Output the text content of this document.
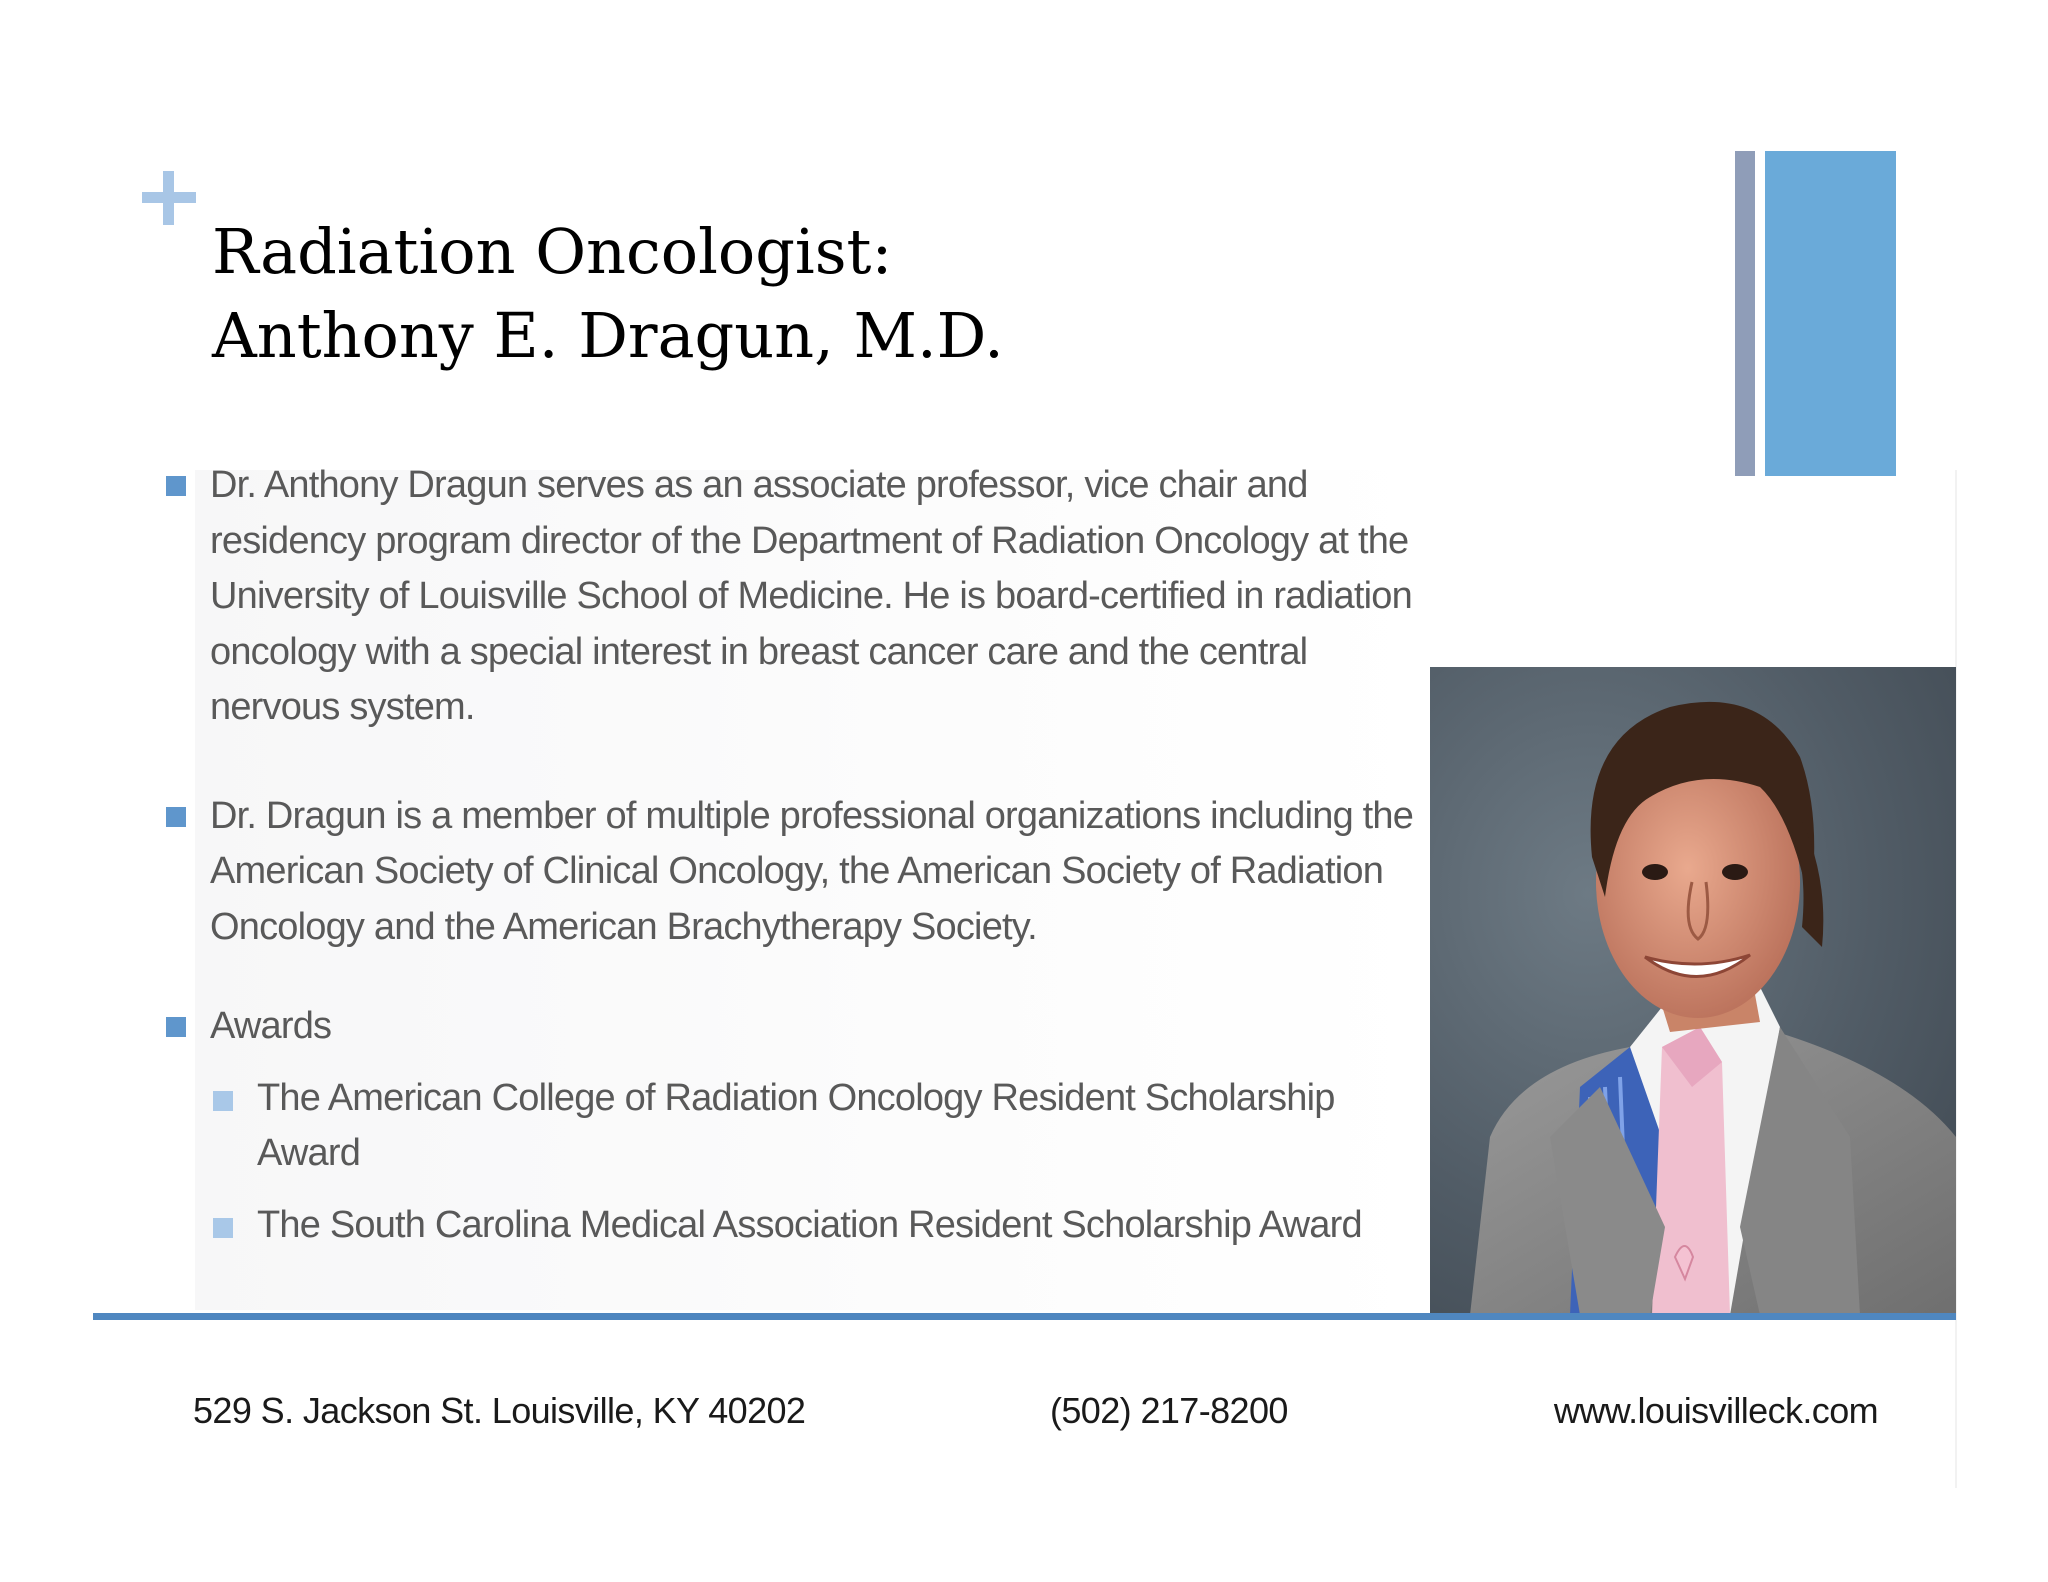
Radiation Oncologist:
Anthony E. Dragun, M.D.
Dr. Anthony Dragun serves as an associate professor, vice chair and residency program director of the Department of Radiation Oncology at the University of Louisville School of Medicine. He is board-certified in radiation oncology with a special interest in breast cancer care and the central nervous system.
Dr. Dragun is a member of multiple professional organizations including the American Society of Clinical Oncology, the American Society of Radiation Oncology and the American Brachytherapy Society.
Awards
The American College of Radiation Oncology Resident Scholarship Award
The South Carolina Medical Association Resident Scholarship Award
529 S. Jackson St. Louisville, KY 40202	(502) 217-8200	www.louisvilleck.com
